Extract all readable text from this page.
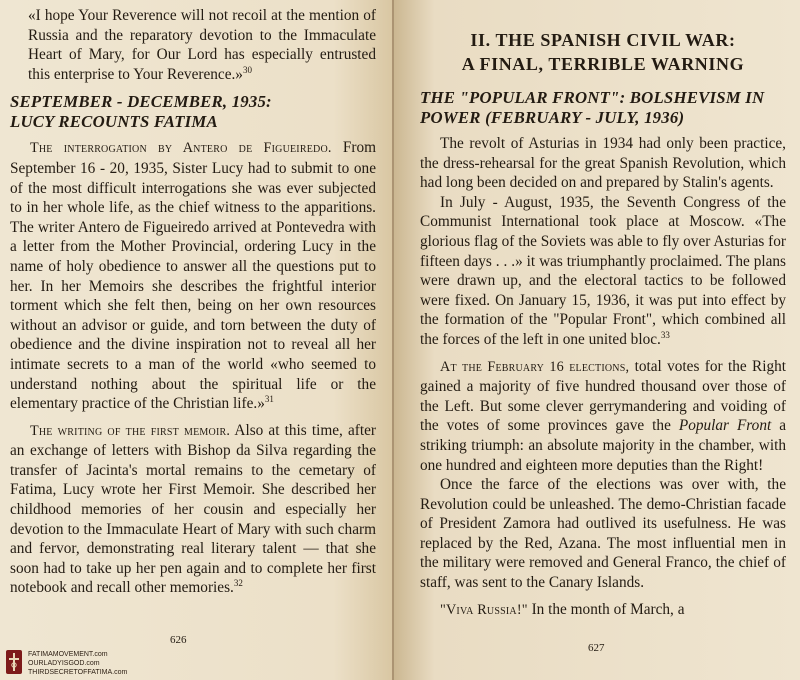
«I hope Your Reverence will not recoil at the mention of Russia and the reparatory devotion to the Immaculate Heart of Mary, for Our Lord has especially entrusted this enterprise to Your Reverence.»$^{30}$

SEPTEMBER - DECEMBER, 1935:
LUCY RECOUNTS FATIMA

The interrogation by Antero de Figueiredo. From September 16 - 20, 1935, Sister Lucy had to submit to one of the most difficult interrogations she was ever subjected to in her whole life, as the chief witness to the apparitions. The writer Antero de Figueiredo arrived at Pontevedra with a letter from the Mother Provincial, ordering Lucy in the name of holy obedience to answer all the questions put to her. In her Memoirs she describes the frightful interior torment which she felt then, being on her own resources without an advisor or guide, and torn between the duty of obedience and the divine inspiration not to reveal all her intimate secrets to a man of the world «who seemed to understand nothing about the spiritual life or the elementary practice of the Christian life.»$^{31}$

The writing of the first memoir. Also at this time, after an exchange of letters with Bishop da Silva regarding the transfer of Jacinta's mortal remains to the cemetary of Fatima, Lucy wrote her First Memoir. She described her childhood memories of her cousin and especially her devotion to the Immaculate Heart of Mary with such charm and fervor, demonstrating real literary talent — that she soon had to take up her pen again and to complete her first notebook and recall other memories.$^{32}$

626
FATIMAMOVEMENT.com
OURLADYISGOD.com
THIRDSECRETOFFATIMA.com

II. THE SPANISH CIVIL WAR:

A FINAL, TERRIBLE WARNING

THE "POPULAR FRONT": BOLSHEVISM IN
POWER (FEBRUARY - JULY, 1936)

The revolt of Asturias in 1934 had only been practice, the dress-rehearsal for the great Spanish Revolution, which had long been decided on and prepared by Stalin's agents.

In July - August, 1935, the Seventh Congress of the Communist International took place at Moscow. «The glorious flag of the Soviets was able to fly over Asturias for fifteen days . . .» it was triumphantly proclaimed. The plans were drawn up, and the electoral tactics to be followed were fixed. On January 15, 1936, it was put into effect by the formation of the "Popular Front", which combined all the forces of the left in one united bloc.$^{33}$

At the February 16 elections, total votes for the Right gained a majority of five hundred thousand over those of the Left. But some clever gerrymandering and voiding of the votes of some provinces gave the Popular Front a striking triumph: an absolute majority in the chamber, with one hundred and eighteen more deputies than the Right!

Once the farce of the elections was over with, the Revolution could be unleashed. The demo-Christian facade of President Zamora had outlived its usefulness. He was replaced by the Red, Azana. The most influential men in the military were removed and General Franco, the chief of staff, was sent to the Canary Islands.

"Viva Russia!" In the month of March, a

627
